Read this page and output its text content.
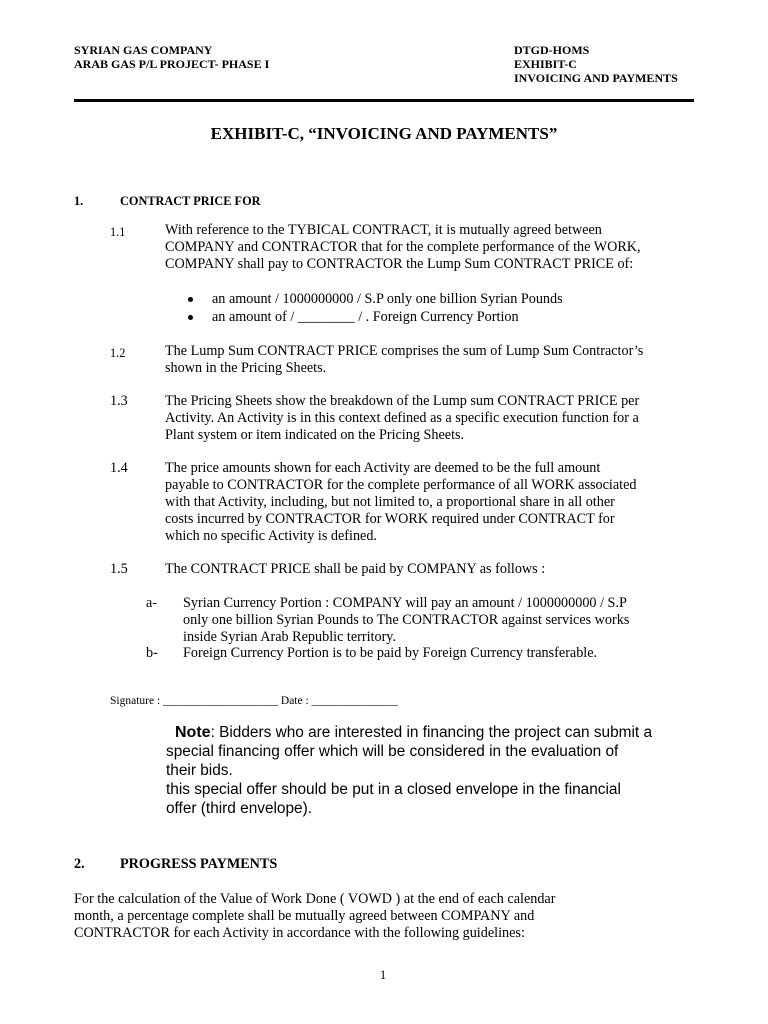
SYRIAN GAS COMPANY
ARAB GAS P/L PROJECT- PHASE I
DTGD-HOMS
EXHIBIT-C
INVOICING AND PAYMENTS
EXHIBIT-C, “INVOICING AND PAYMENTS”
1.	CONTRACT PRICE FOR
1.1	With reference to the TYBICAL CONTRACT, it is mutually agreed between
COMPANY and CONTRACTOR that for the complete performance of the WORK,
COMPANY shall pay to CONTRACTOR the Lump Sum CONTRACT PRICE of:
an amount / 1000000000 / S.P only one billion Syrian Pounds
an amount of / ________ / . Foreign Currency Portion
1.2	The Lump Sum CONTRACT PRICE comprises the sum of Lump Sum Contractor’s
shown in the Pricing Sheets.
1.3	The Pricing Sheets show the breakdown of the Lump sum CONTRACT PRICE per
Activity. An Activity is in this context defined as a specific execution function for a
Plant system or item indicated on the Pricing Sheets.
1.4	The price amounts shown for each Activity are deemed to be the full amount
payable to CONTRACTOR for the complete performance of all WORK associated
with that Activity, including, but not limited to, a proportional share in all other
costs incurred by CONTRACTOR for WORK required under CONTRACT for
which no specific Activity is defined.
1.5	The CONTRACT PRICE shall be paid by COMPANY as follows :
a- Syrian Currency Portion : COMPANY will pay an amount / 1000000000 / S.P
only one billion Syrian Pounds to The CONTRACTOR against services works
inside Syrian Arab Republic territory.
b- Foreign Currency Portion is to be paid by Foreign Currency transferable.
Signature : ____________________ Date : _______________
Note: Bidders who are interested in financing the project can submit a
special financing offer which will be considered in the evaluation of
their bids.
this special offer should be put in a closed envelope in the financial
offer (third envelope).
2. PROGRESS PAYMENTS
For the calculation of the Value of Work Done ( VOWD ) at the end of each calendar
month, a percentage complete shall be mutually agreed between COMPANY and
CONTRACTOR for each Activity in accordance with the following guidelines:
1
